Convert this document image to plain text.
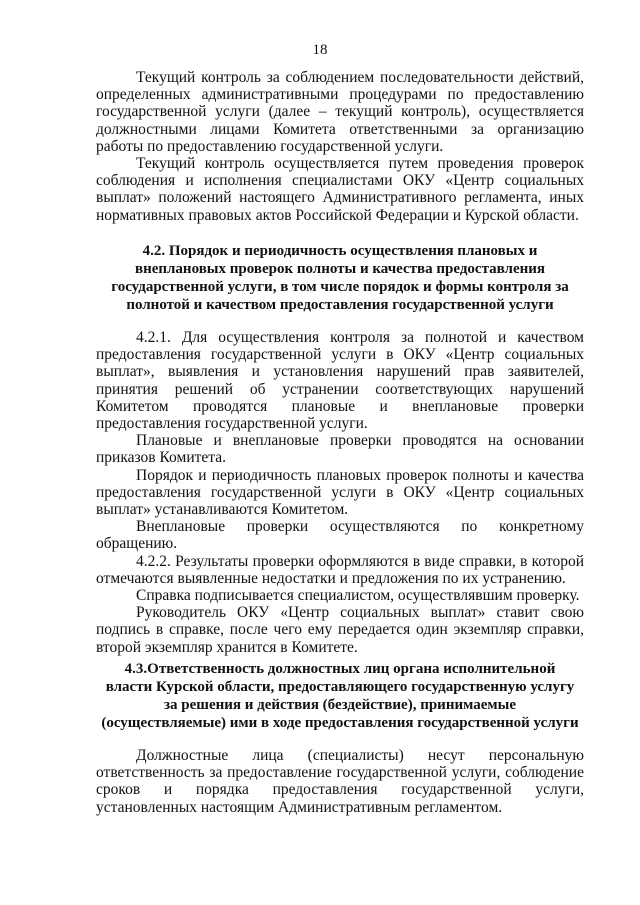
18

Текущий контроль за соблюдением последовательности действий, определенных административными процедурами по предоставлению государственной услуги (далее – текущий контроль), осуществляется должностными лицами Комитета ответственными за организацию работы по предоставлению государственной услуги.

Текущий контроль осуществляется путем проведения проверок соблюдения и исполнения специалистами ОКУ «Центр социальных выплат» положений настоящего Административного регламента, иных нормативных правовых актов Российской Федерации и Курской области.

4.2. Порядок и периодичность осуществления плановых и внеплановых проверок полноты и качества предоставления государственной услуги, в том числе порядок и формы контроля за полнотой и качеством предоставления государственной услуги

4.2.1. Для осуществления контроля за полнотой и качеством предоставления государственной услуги в ОКУ «Центр социальных выплат», выявления и установления нарушений прав заявителей, принятия решений об устранении соответствующих нарушений Комитетом проводятся плановые и внеплановые проверки предоставления государственной услуги.

Плановые и внеплановые проверки проводятся на основании приказов Комитета.

Порядок и периодичность плановых проверок полноты и качества предоставления государственной услуги в ОКУ «Центр социальных выплат» устанавливаются Комитетом.

Внеплановые проверки осуществляются по конкретному обращению.

4.2.2. Результаты проверки оформляются в виде справки, в которой отмечаются выявленные недостатки и предложения по их устранению.

Справка подписывается специалистом, осуществлявшим проверку.

Руководитель ОКУ «Центр социальных выплат» ставит свою подпись в справке, после чего ему передается один экземпляр справки, второй экземпляр хранится в Комитете.

4.3.Ответственность должностных лиц органа исполнительной власти Курской области, предоставляющего государственную услугу за решения и действия (бездействие), принимаемые (осуществляемые) ими в ходе предоставления государственной услуги

Должностные лица (специалисты) несут персональную ответственность за предоставление государственной услуги, соблюдение сроков и порядка предоставления государственной услуги, установленных настоящим Административным регламентом.
